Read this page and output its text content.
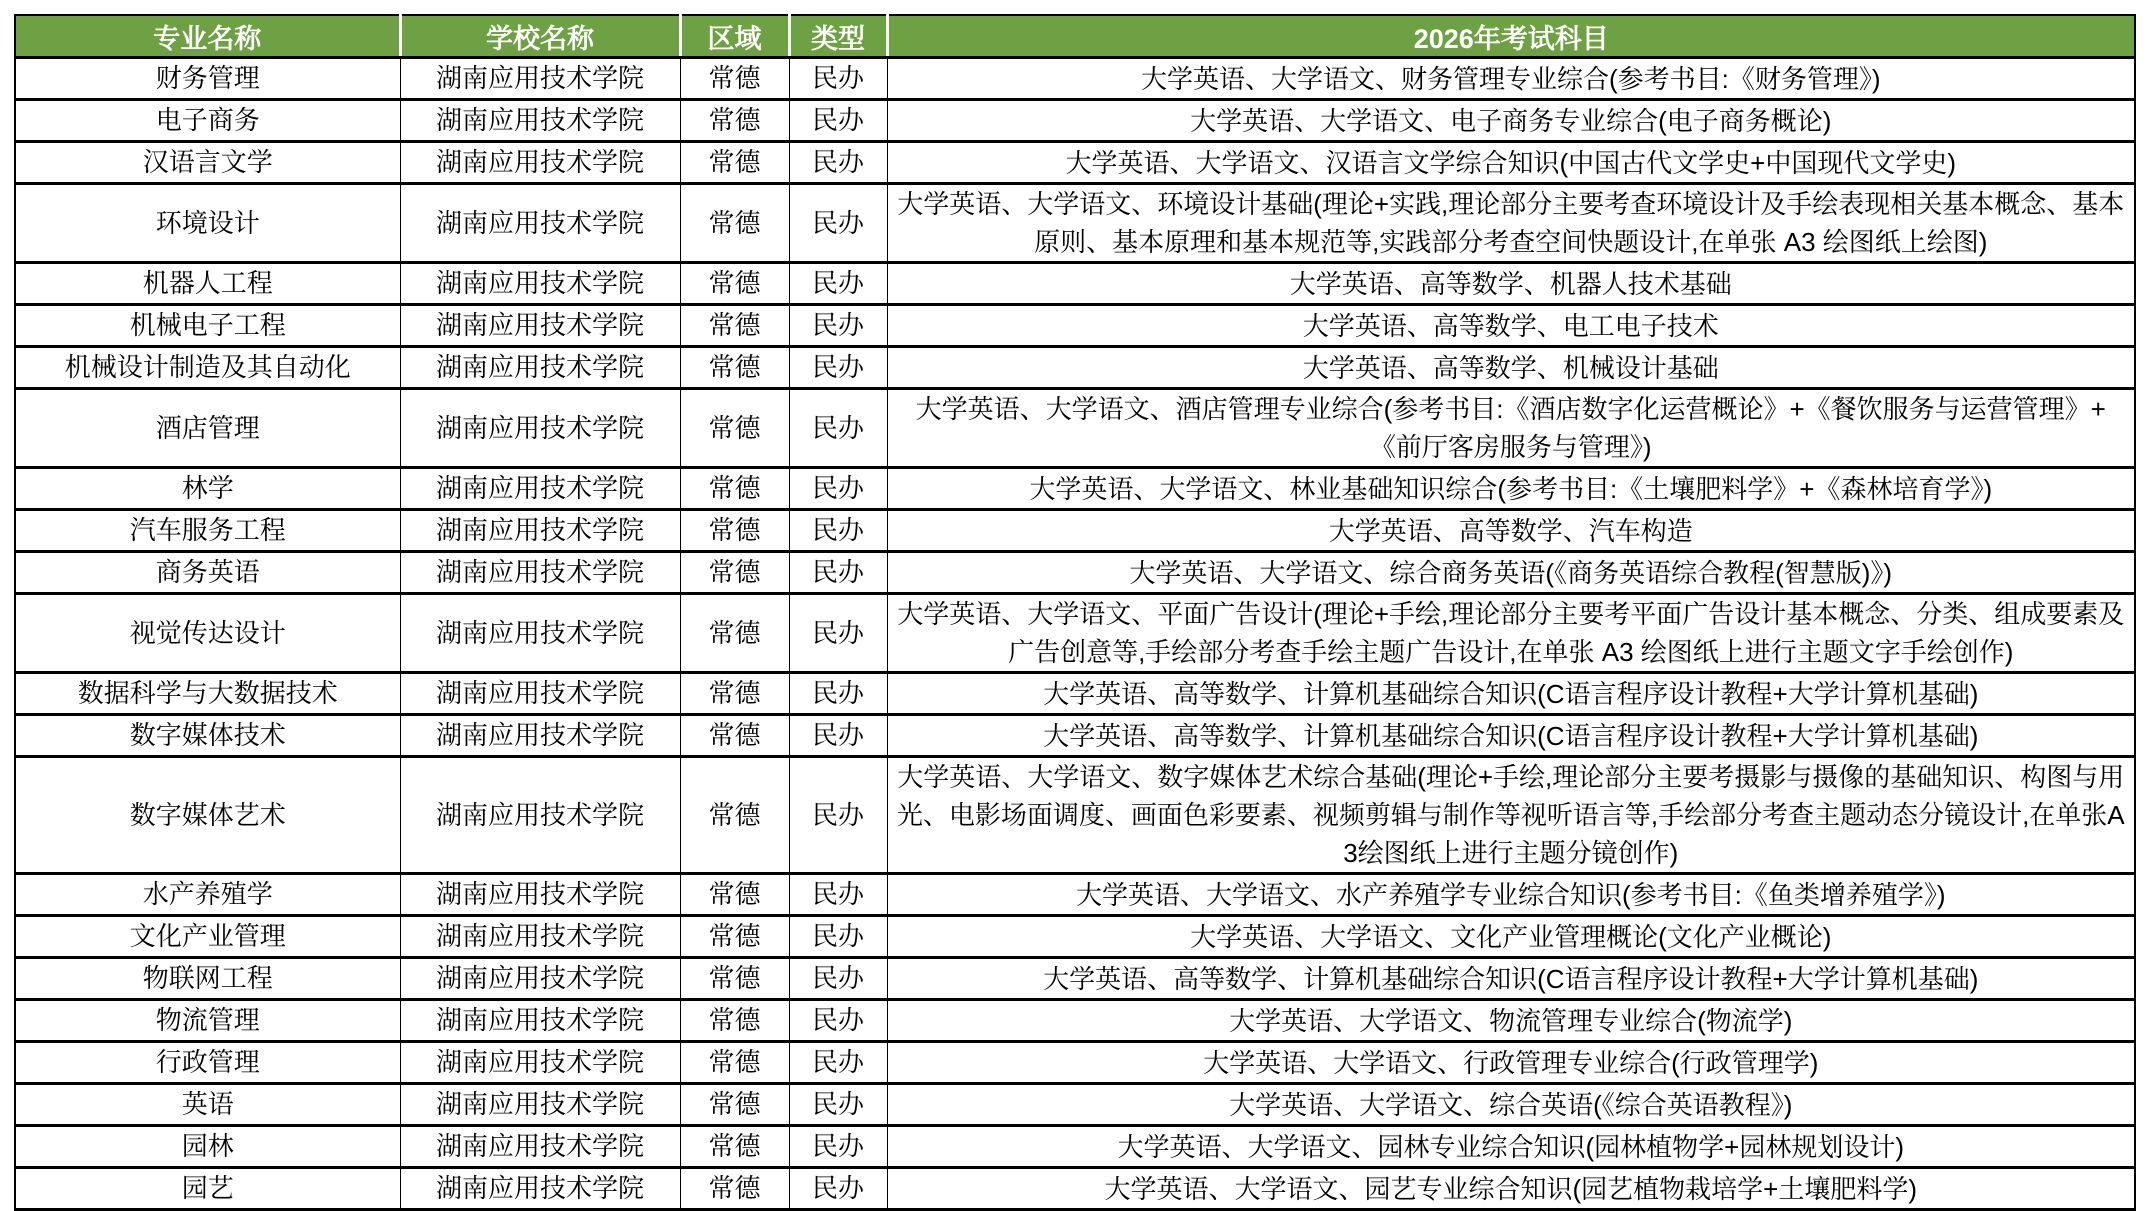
专业名称	学校名称	区域	类型	2026年考试科目
财务管理	湖南应用技术学院	常德	民办	大学英语、大学语文、财务管理专业综合(参考书目:《财务管理》)
电子商务	湖南应用技术学院	常德	民办	大学英语、大学语文、电子商务专业综合(电子商务概论)
汉语言文学	湖南应用技术学院	常德	民办	大学英语、大学语文、汉语言文学综合知识(中国古代文学史+中国现代文学史)
环境设计	湖南应用技术学院	常德	民办	大学英语、大学语文、环境设计基础(理论+实践,理论部分主要考查环境设计及手绘表现相关基本概念、基本原则、基本原理和基本规范等,实践部分考查空间快题设计,在单张 A3 绘图纸上绘图)
机器人工程	湖南应用技术学院	常德	民办	大学英语、高等数学、机器人技术基础
机械电子工程	湖南应用技术学院	常德	民办	大学英语、高等数学、电工电子技术
机械设计制造及其自动化	湖南应用技术学院	常德	民办	大学英语、高等数学、机械设计基础
酒店管理	湖南应用技术学院	常德	民办	大学英语、大学语文、酒店管理专业综合(参考书目:《酒店数字化运营概论》+《餐饮服务与运营管理》+《前厅客房服务与管理》)
林学	湖南应用技术学院	常德	民办	大学英语、大学语文、林业基础知识综合(参考书目:《土壤肥料学》+《森林培育学》)
汽车服务工程	湖南应用技术学院	常德	民办	大学英语、高等数学、汽车构造
商务英语	湖南应用技术学院	常德	民办	大学英语、大学语文、综合商务英语(《商务英语综合教程(智慧版)》)
视觉传达设计	湖南应用技术学院	常德	民办	大学英语、大学语文、平面广告设计(理论+手绘,理论部分主要考平面广告设计基本概念、分类、组成要素及广告创意等,手绘部分考查手绘主题广告设计,在单张 A3 绘图纸上进行主题文字手绘创作)
数据科学与大数据技术	湖南应用技术学院	常德	民办	大学英语、高等数学、计算机基础综合知识(C语言程序设计教程+大学计算机基础)
数字媒体技术	湖南应用技术学院	常德	民办	大学英语、高等数学、计算机基础综合知识(C语言程序设计教程+大学计算机基础)
数字媒体艺术	湖南应用技术学院	常德	民办	大学英语、大学语文、数字媒体艺术综合基础(理论+手绘,理论部分主要考摄影与摄像的基础知识、构图与用光、电影场面调度、画面色彩要素、视频剪辑与制作等视听语言等,手绘部分考查主题动态分镜设计,在单张A3绘图纸上进行主题分镜创作)
水产养殖学	湖南应用技术学院	常德	民办	大学英语、大学语文、水产养殖学专业综合知识(参考书目:《鱼类增养殖学》)
文化产业管理	湖南应用技术学院	常德	民办	大学英语、大学语文、文化产业管理概论(文化产业概论)
物联网工程	湖南应用技术学院	常德	民办	大学英语、高等数学、计算机基础综合知识(C语言程序设计教程+大学计算机基础)
物流管理	湖南应用技术学院	常德	民办	大学英语、大学语文、物流管理专业综合(物流学)
行政管理	湖南应用技术学院	常德	民办	大学英语、大学语文、行政管理专业综合(行政管理学)
英语	湖南应用技术学院	常德	民办	大学英语、大学语文、综合英语(《综合英语教程》)
园林	湖南应用技术学院	常德	民办	大学英语、大学语文、园林专业综合知识(园林植物学+园林规划设计)
园艺	湖南应用技术学院	常德	民办	大学英语、大学语文、园艺专业综合知识(园艺植物栽培学+土壤肥料学)
